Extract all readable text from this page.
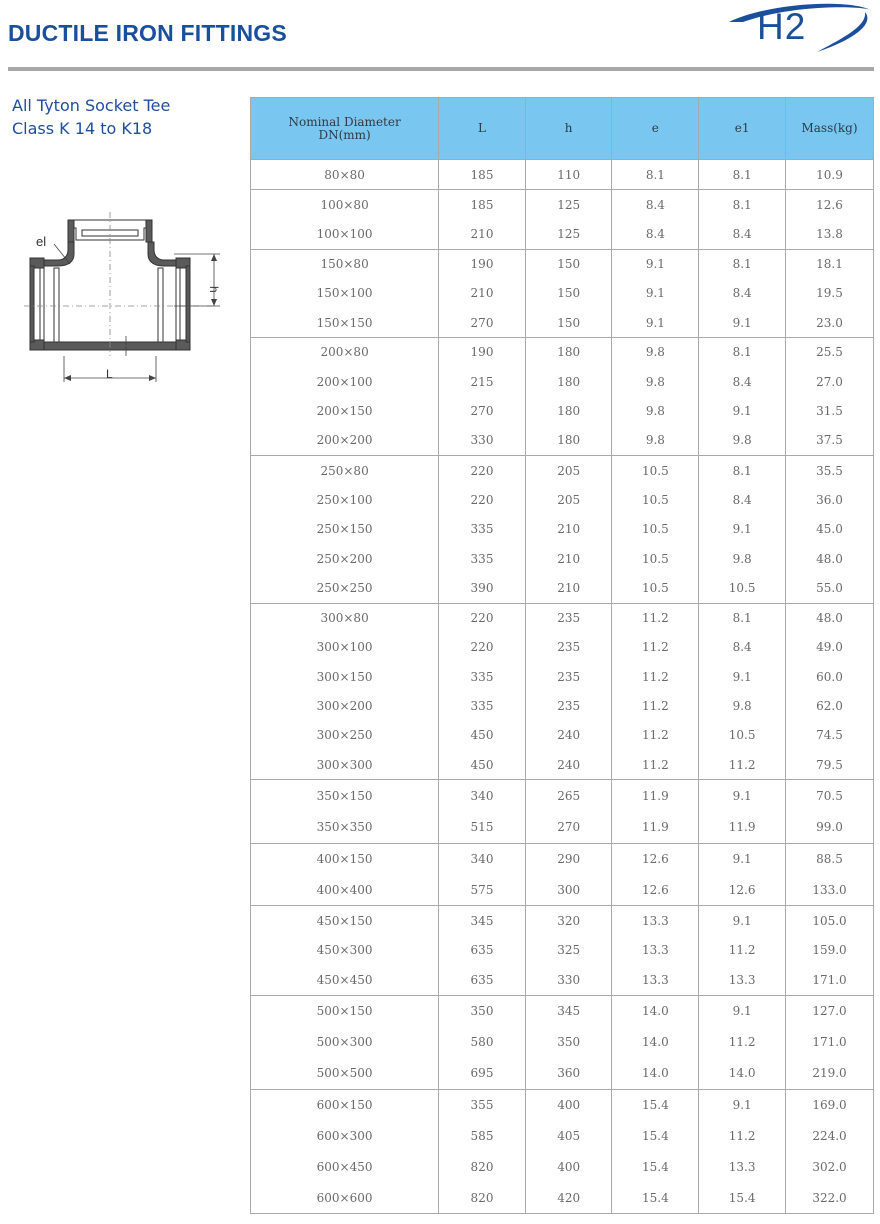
DUCTILE IRON FITTINGS	H2
All Tyton Socket Tee
Class K 14 to K18
el
h
L
Nominal Diameter
DN(mm)	L	h	e	e1	Mass(kg)
80×80	185	110	8.1	8.1	10.9
100×80	185	125	8.4	8.1	12.6
100×100	210	125	8.4	8.4	13.8
150×80	190	150	9.1	8.1	18.1
150×100	210	150	9.1	8.4	19.5
150×150	270	150	9.1	9.1	23.0
200×80	190	180	9.8	8.1	25.5
200×100	215	180	9.8	8.4	27.0
200×150	270	180	9.8	9.1	31.5
200×200	330	180	9.8	9.8	37.5
250×80	220	205	10.5	8.1	35.5
250×100	220	205	10.5	8.4	36.0
250×150	335	210	10.5	9.1	45.0
250×200	335	210	10.5	9.8	48.0
250×250	390	210	10.5	10.5	55.0
300×80	220	235	11.2	8.1	48.0
300×100	220	235	11.2	8.4	49.0
300×150	335	235	11.2	9.1	60.0
300×200	335	235	11.2	9.8	62.0
300×250	450	240	11.2	10.5	74.5
300×300	450	240	11.2	11.2	79.5
350×150	340	265	11.9	9.1	70.5
350×350	515	270	11.9	11.9	99.0
400×150	340	290	12.6	9.1	88.5
400×400	575	300	12.6	12.6	133.0
450×150	345	320	13.3	9.1	105.0
450×300	635	325	13.3	11.2	159.0
450×450	635	330	13.3	13.3	171.0
500×150	350	345	14.0	9.1	127.0
500×300	580	350	14.0	11.2	171.0
500×500	695	360	14.0	14.0	219.0
600×150	355	400	15.4	9.1	169.0
600×300	585	405	15.4	11.2	224.0
600×450	820	400	15.4	13.3	302.0
600×600	820	420	15.4	15.4	322.0
